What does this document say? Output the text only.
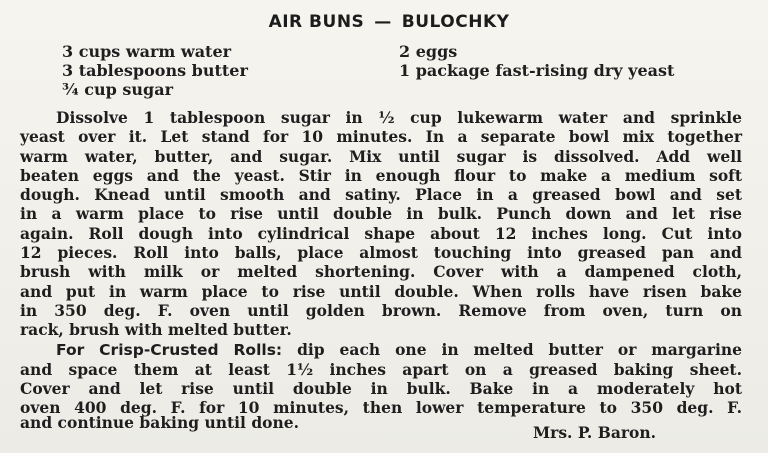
AIR BUNS — BULOCHKY
3 cups warm water
3 tablespoons butter
¾ cup sugar
2 eggs
1 package fast-rising dry yeast

Dissolve 1 tablespoon sugar in ½ cup lukewarm water and sprinkle
yeast over it. Let stand for 10 minutes. In a separate bowl mix together
warm water, butter, and sugar. Mix until sugar is dissolved. Add well
beaten eggs and the yeast. Stir in enough flour to make a medium soft
dough. Knead until smooth and satiny. Place in a greased bowl and set
in a warm place to rise until double in bulk. Punch down and let rise
again. Roll dough into cylindrical shape about 12 inches long. Cut into
12 pieces. Roll into balls, place almost touching into greased pan and
brush with milk or melted shortening. Cover with a dampened cloth,
and put in warm place to rise until double. When rolls have risen bake
in 350 deg. F. oven until golden brown. Remove from oven, turn on
rack, brush with melted butter.

For Crisp-Crusted Rolls: dip each one in melted butter or margarine
and space them at least 1½ inches apart on a greased baking sheet.
Cover and let rise until double in bulk. Bake in a moderately hot
oven 400 deg. F. for 10 minutes, then lower temperature to 350 deg. F.

and continue baking until done.
Mrs. P. Baron.
